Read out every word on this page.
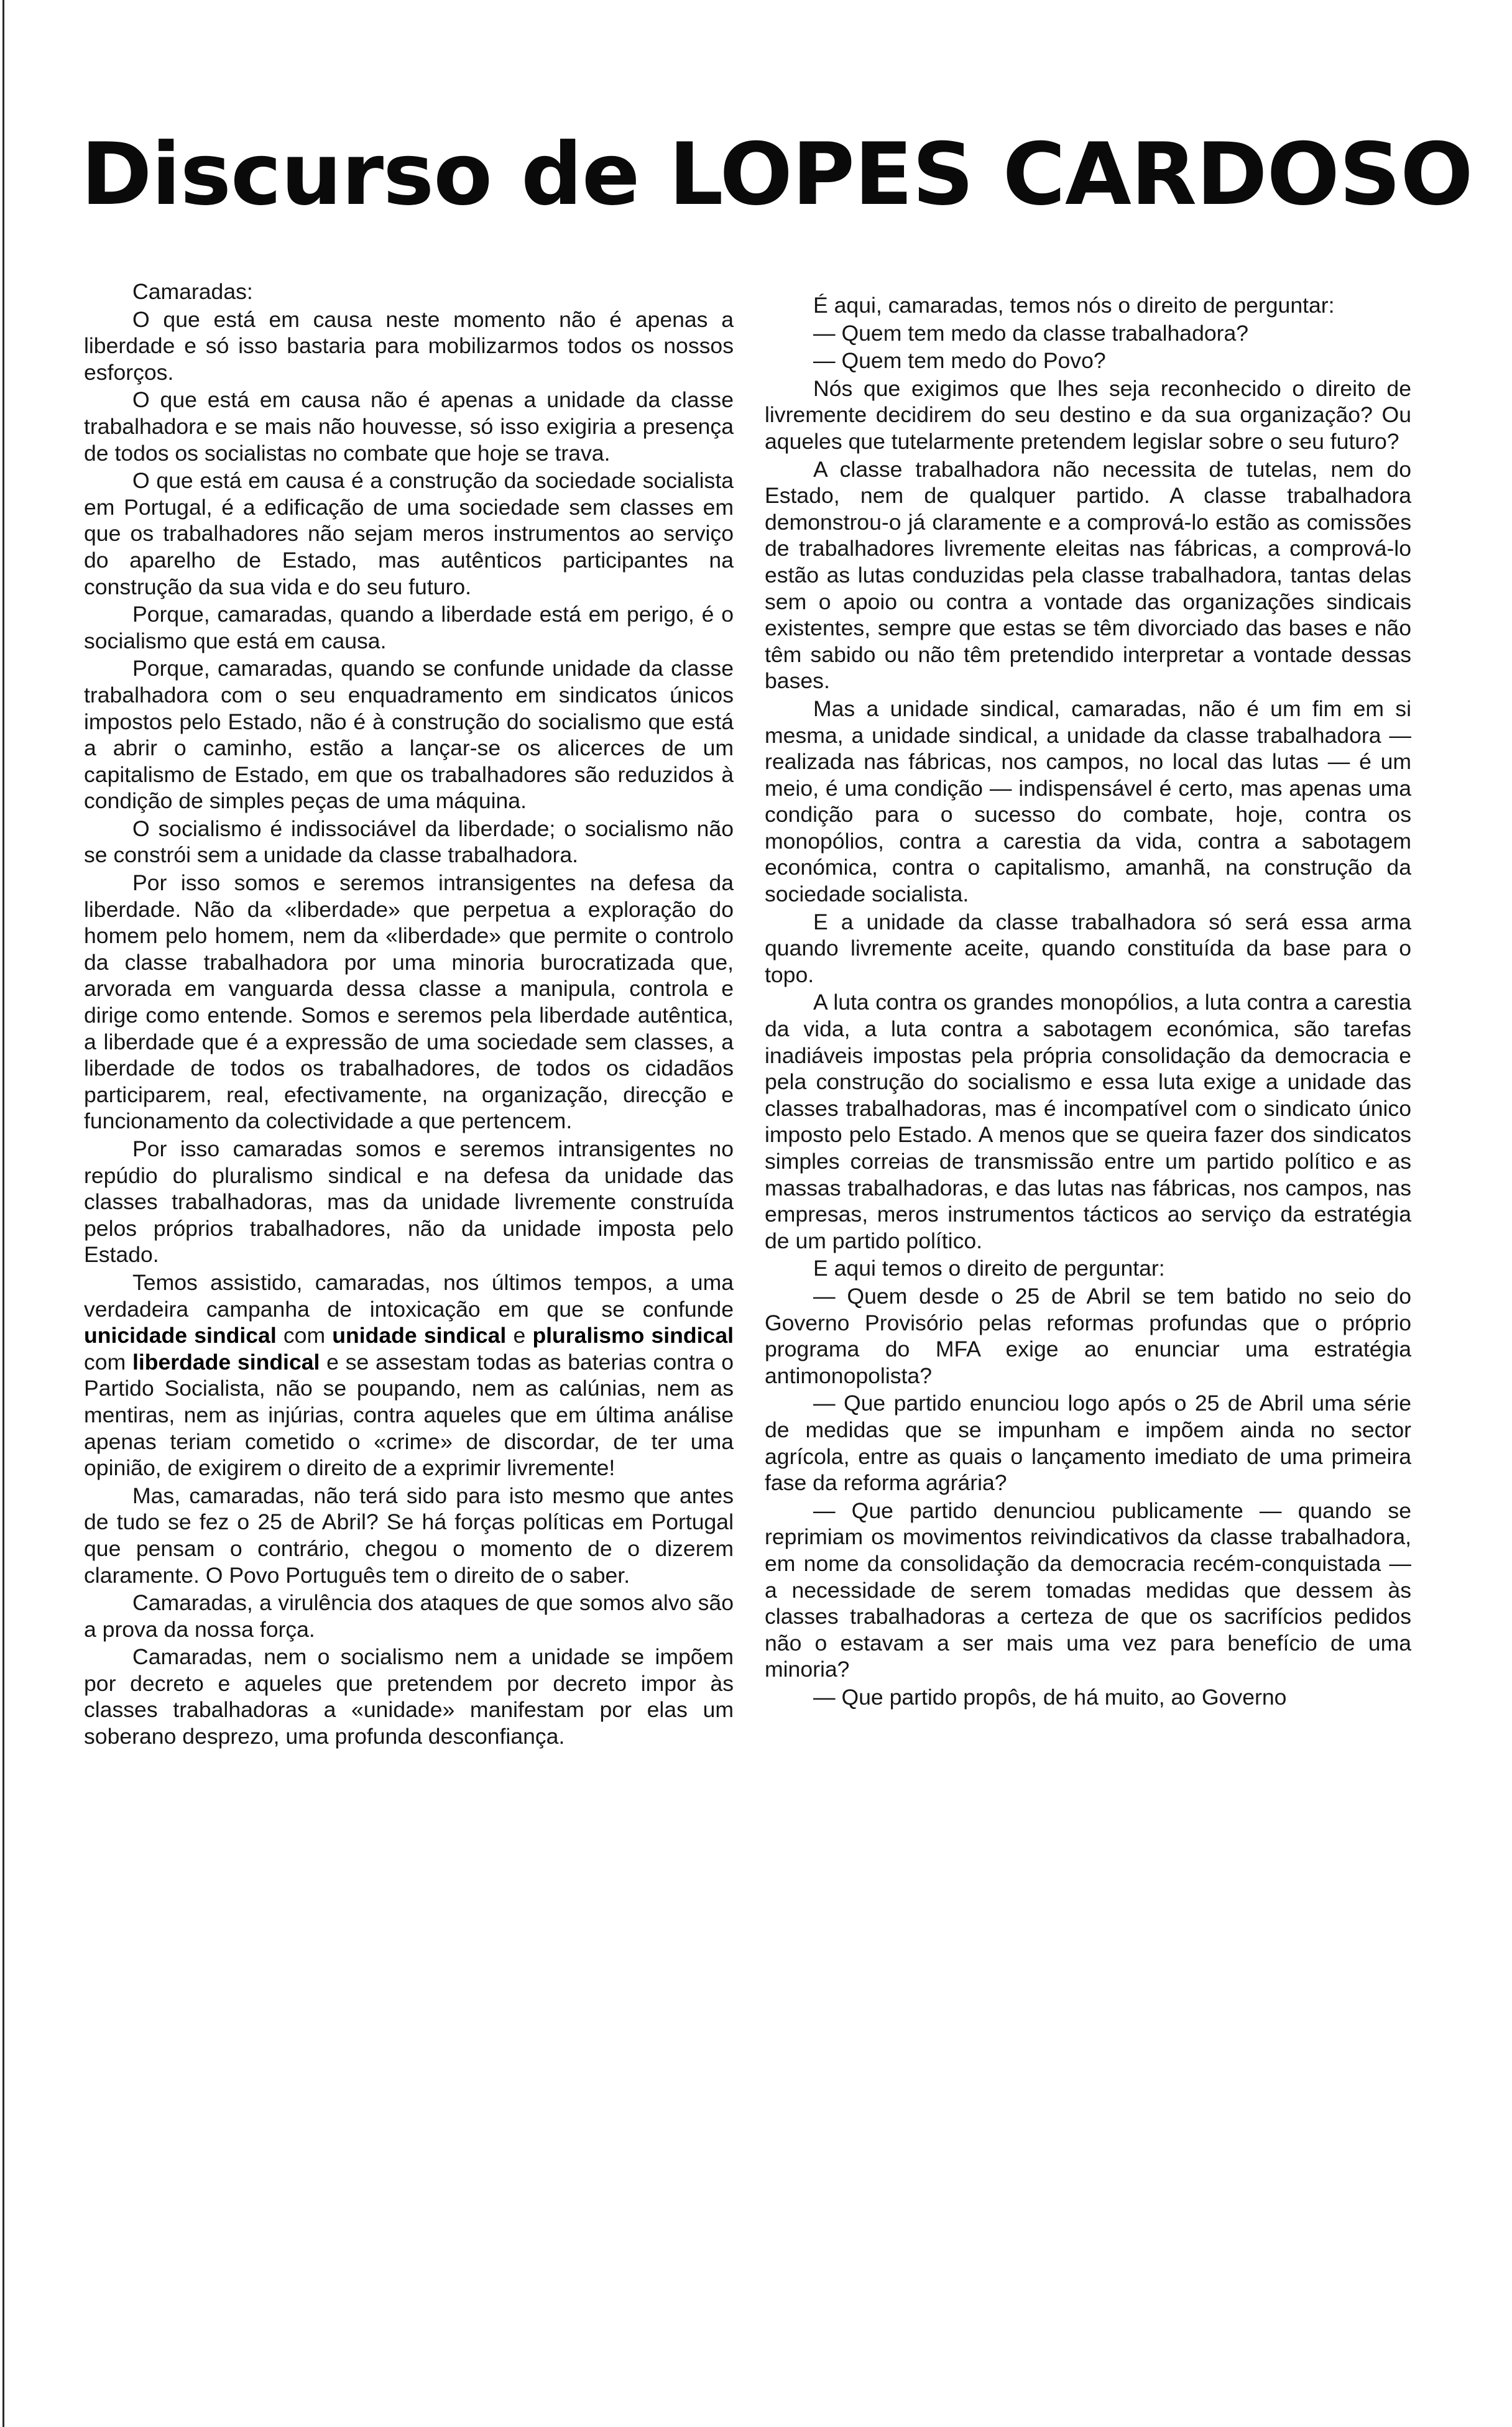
Discurso de LOPES CARDOSO

Camaradas:

O que está em causa neste momento não é apenas a liberdade e só isso bastaria para mobilizarmos todos os nossos esforços.

O que está em causa não é apenas a unidade da classe trabalhadora e se mais não houvesse, só isso exigiria a presença de todos os socialistas no combate que hoje se trava.

O que está em causa é a construção da sociedade socialista em Portugal, é a edificação de uma sociedade sem classes em que os trabalhadores não sejam meros instrumentos ao serviço do aparelho de Estado, mas autênticos participantes na construção da sua vida e do seu futuro.

Porque, camaradas, quando a liberdade está em perigo, é o socialismo que está em causa.

Porque, camaradas, quando se confunde unidade da classe trabalhadora com o seu enquadramento em sindicatos únicos impostos pelo Estado, não é à construção do socialismo que está a abrir o caminho, estão a lançar-se os alicerces de um capitalismo de Estado, em que os trabalhadores são reduzidos à condição de simples peças de uma máquina.

O socialismo é indissociável da liberdade; o socialismo não se constrói sem a unidade da classe trabalhadora.

Por isso somos e seremos intransigentes na defesa da liberdade. Não da «liberdade» que perpetua a exploração do homem pelo homem, nem da «liberdade» que permite o controlo da classe trabalhadora por uma minoria burocratizada que, arvorada em vanguarda dessa classe a manipula, controla e dirige como entende. Somos e seremos pela liberdade autêntica, a liberdade que é a expressão de uma sociedade sem classes, a liberdade de todos os trabalhadores, de todos os cidadãos participarem, real, efectivamente, na organização, direcção e funcionamento da colectividade a que pertencem.

Por isso camaradas somos e seremos intransigentes no repúdio do pluralismo sindical e na defesa da unidade das classes trabalhadoras, mas da unidade livremente construída pelos próprios trabalhadores, não da unidade imposta pelo Estado.

Temos assistido, camaradas, nos últimos tempos, a uma verdadeira campanha de intoxicação em que se confunde unicidade sindical com unidade sindical e pluralismo sindical com liberdade sindical e se assestam todas as baterias contra o Partido Socialista, não se poupando, nem as calúnias, nem as mentiras, nem as injúrias, contra aqueles que em última análise apenas teriam cometido o «crime» de discordar, de ter uma opinião, de exigirem o direito de a exprimir livremente!

Mas, camaradas, não terá sido para isto mesmo que antes de tudo se fez o 25 de Abril? Se há forças políticas em Portugal que pensam o contrário, chegou o momento de o dizerem claramente. O Povo Português tem o direito de o saber.

Camaradas, a virulência dos ataques de que somos alvo são a prova da nossa força.

Camaradas, nem o socialismo nem a unidade se impõem por decreto e aqueles que pretendem por decreto impor às classes trabalhadoras a «unidade» manifestam por elas um soberano desprezo, uma profunda desconfiança.

É aqui, camaradas, temos nós o direito de perguntar:

— Quem tem medo da classe trabalhadora?

— Quem tem medo do Povo?

Nós que exigimos que lhes seja reconhecido o direito de livremente decidirem do seu destino e da sua organização? Ou aqueles que tutelarmente pretendem legislar sobre o seu futuro?

A classe trabalhadora não necessita de tutelas, nem do Estado, nem de qualquer partido. A classe trabalhadora demonstrou-o já claramente e a comprová-lo estão as comissões de trabalhadores livremente eleitas nas fábricas, a comprová-lo estão as lutas conduzidas pela classe trabalhadora, tantas delas sem o apoio ou contra a vontade das organizações sindicais existentes, sempre que estas se têm divorciado das bases e não têm sabido ou não têm pretendido interpretar a vontade dessas bases.

Mas a unidade sindical, camaradas, não é um fim em si mesma, a unidade sindical, a unidade da classe trabalhadora — realizada nas fábricas, nos campos, no local das lutas — é um meio, é uma condição — indispensável é certo, mas apenas uma condição para o sucesso do combate, hoje, contra os monopólios, contra a carestia da vida, contra a sabotagem económica, contra o capitalismo, amanhã, na construção da sociedade socialista.

E a unidade da classe trabalhadora só será essa arma quando livremente aceite, quando constituída da base para o topo.

A luta contra os grandes monopólios, a luta contra a carestia da vida, a luta contra a sabotagem económica, são tarefas inadiáveis impostas pela própria consolidação da democracia e pela construção do socialismo e essa luta exige a unidade das classes trabalhadoras, mas é incompatível com o sindicato único imposto pelo Estado. A menos que se queira fazer dos sindicatos simples correias de transmissão entre um partido político e as massas trabalhadoras, e das lutas nas fábricas, nos campos, nas empresas, meros instrumentos tácticos ao serviço da estratégia de um partido político.

E aqui temos o direito de perguntar:

— Quem desde o 25 de Abril se tem batido no seio do Governo Provisório pelas reformas profundas que o próprio programa do MFA exige ao enunciar uma estratégia antimonopolista?

— Que partido enunciou logo após o 25 de Abril uma série de medidas que se impunham e impõem ainda no sector agrícola, entre as quais o lançamento imediato de uma primeira fase da reforma agrária?

— Que partido denunciou publicamente — quando se reprimiam os movimentos reivindicativos da classe trabalhadora, em nome da consolidação da democracia recém-conquistada — a necessidade de serem tomadas medidas que dessem às classes trabalhadoras a certeza de que os sacrifícios pedidos não o estavam a ser mais uma vez para benefício de uma minoria?

— Que partido propôs, de há muito, ao Governo
